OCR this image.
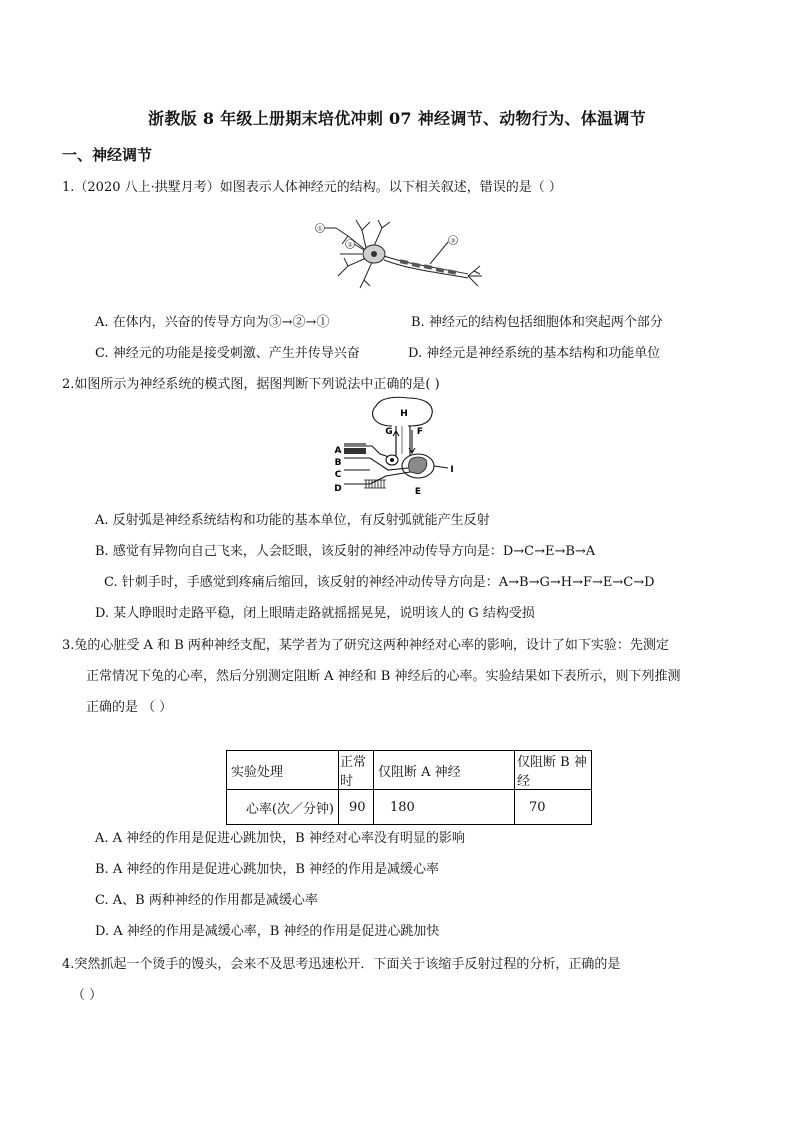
浙教版 8 年级上册期末培优冲刺 07 神经调节、动物行为、体温调节
一、神经调节
1.（2020 八上·拱墅月考）如图表示人体神经元的结构。以下相关叙述，错误的是（ ）
①
②
③
A. 在体内，兴奋的传导方向为③→②→①	B. 神经元的结构包括细胞体和突起两个部分
C. 神经元的功能是接受刺激、产生并传导兴奋	D. 神经元是神经系统的基本结构和功能单位
2.如图所示为神经系统的模式图，据图判断下列说法中正确的是( )
H
G	F
A
B
C
D	E
I
A. 反射弧是神经系统结构和功能的基本单位，有反射弧就能产生反射
B. 感觉有异物向自己飞来，人会眨眼，该反射的神经冲动传导方向是：D→C→E→B→A
C. 针刺手时，手感觉到疼痛后缩回，该反射的神经冲动传导方向是：A→B→G→H→F→E→C→D
D. 某人睁眼时走路平稳，闭上眼睛走路就摇摇晃晃，说明该人的 G 结构受损
3.兔的心脏受 A 和 B 两种神经支配，某学者为了研究这两种神经对心率的影响，设计了如下实验：先测定
正常情况下兔的心率，然后分别测定阻断 A 神经和 B 神经后的心率。实验结果如下表所示，则下列推测
正确的是 （ ）
实验处理	正常时	仅阻断 A 神经	仅阻断 B 神经
心率(次／分钟)	90	180	70
A. A 神经的作用是促进心跳加快，B 神经对心率没有明显的影响
B. A 神经的作用是促进心跳加快，B 神经的作用是减缓心率
C. A、B 两种神经的作用都是减缓心率
D. A 神经的作用是减缓心率，B 神经的作用是促进心跳加快
4.突然抓起一个烫手的馒头，会来不及思考迅速松开．下面关于该缩手反射过程的分析，正确的是
（ ）
